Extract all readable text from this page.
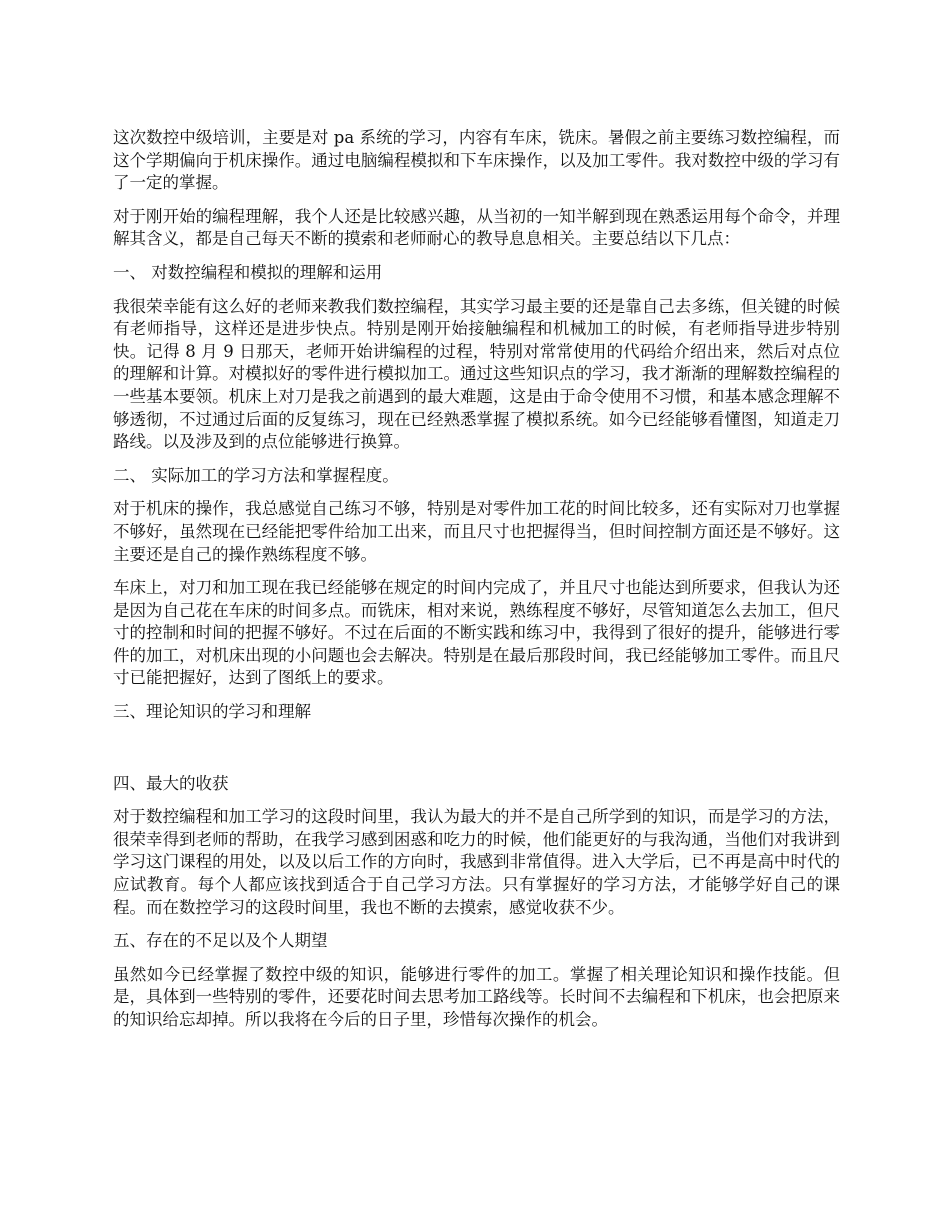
这次数控中级培训，主要是对 pa 系统的学习，内容有车床，铣床。暑假之前主要练习数控编程，而这个学期偏向于机床操作。通过电脑编程模拟和下车床操作，以及加工零件。我对数控中级的学习有了一定的掌握。

对于刚开始的编程理解，我个人还是比较感兴趣，从当初的一知半解到现在熟悉运用每个命令，并理解其含义，都是自己每天不断的摸索和老师耐心的教导息息相关。主要总结以下几点：

一、 对数控编程和模拟的理解和运用

我很荣幸能有这么好的老师来教我们数控编程，其实学习最主要的还是靠自己去多练，但关键的时候有老师指导，这样还是进步快点。特别是刚开始接触编程和机械加工的时候，有老师指导进步特别快。记得 8 月 9 日那天，老师开始讲编程的过程，特别对常常使用的代码给介绍出来，然后对点位的理解和计算。对模拟好的零件进行模拟加工。通过这些知识点的学习，我才渐渐的理解数控编程的一些基本要领。机床上对刀是我之前遇到的最大难题，这是由于命令使用不习惯，和基本感念理解不够透彻，不过通过后面的反复练习，现在已经熟悉掌握了模拟系统。如今已经能够看懂图，知道走刀路线。以及涉及到的点位能够进行换算。

二、 实际加工的学习方法和掌握程度。

对于机床的操作，我总感觉自己练习不够，特别是对零件加工花的时间比较多，还有实际对刀也掌握不够好，虽然现在已经能把零件给加工出来，而且尺寸也把握得当，但时间控制方面还是不够好。这主要还是自己的操作熟练程度不够。

车床上，对刀和加工现在我已经能够在规定的时间内完成了，并且尺寸也能达到所要求，但我认为还是因为自己花在车床的时间多点。而铣床，相对来说，熟练程度不够好，尽管知道怎么去加工，但尺寸的控制和时间的把握不够好。不过在后面的不断实践和练习中，我得到了很好的提升，能够进行零件的加工，对机床出现的小问题也会去解决。特别是在最后那段时间，我已经能够加工零件。而且尺寸已能把握好，达到了图纸上的要求。

三、理论知识的学习和理解

四、最大的收获

对于数控编程和加工学习的这段时间里，我认为最大的并不是自己所学到的知识，而是学习的方法，很荣幸得到老师的帮助，在我学习感到困惑和吃力的时候，他们能更好的与我沟通，当他们对我讲到学习这门课程的用处，以及以后工作的方向时，我感到非常值得。进入大学后，已不再是高中时代的应试教育。每个人都应该找到适合于自己学习方法。只有掌握好的学习方法，才能够学好自己的课程。而在数控学习的这段时间里，我也不断的去摸索，感觉收获不少。

五、存在的不足以及个人期望

虽然如今已经掌握了数控中级的知识，能够进行零件的加工。掌握了相关理论知识和操作技能。但是，具体到一些特别的零件，还要花时间去思考加工路线等。长时间不去编程和下机床，也会把原来的知识给忘却掉。所以我将在今后的日子里，珍惜每次操作的机会。
